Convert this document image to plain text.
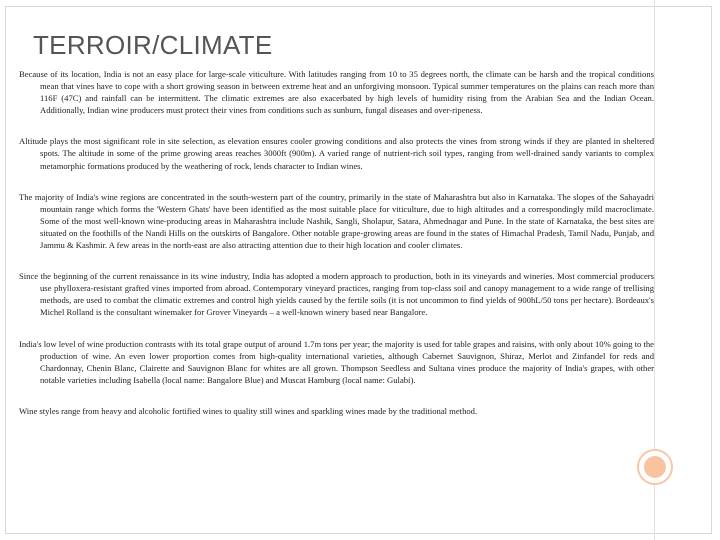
TERROIR/CLIMATE

Because of its location, India is not an easy place for large-scale viticulture. With latitudes ranging from 10 to 35 degrees north, the climate can be harsh and the tropical conditions mean that vines have to cope with a short growing season in between extreme heat and an unforgiving monsoon. Typical summer temperatures on the plains can reach more than 116F (47C) and rainfall can be intermittent. The climatic extremes are also exacerbated by high levels of humidity rising from the Arabian Sea and the Indian Ocean. Additionally, Indian wine producers must protect their vines from conditions such as sunburn, fungal diseases and over-ripeness.

Altitude plays the most significant role in site selection, as elevation ensures cooler growing conditions and also protects the vines from strong winds if they are planted in sheltered spots. The altitude in some of the prime growing areas reaches 3000ft (900m). A varied range of nutrient-rich soil types, ranging from well-drained sandy variants to complex metamorphic formations produced by the weathering of rock, lends character to Indian wines.

The majority of India's wine regions are concentrated in the south-western part of the country, primarily in the state of Maharashtra but also in Karnataka. The slopes of the Sahayadri mountain range which forms the 'Western Ghats' have been identified as the most suitable place for viticulture, due to high altitudes and a correspondingly mild macroclimate. Some of the most well-known wine-producing areas in Maharashtra include Nashik, Sangli, Sholapur, Satara, Ahmednagar and Pune. In the state of Karnataka, the best sites are situated on the foothills of the Nandi Hills on the outskirts of Bangalore. Other notable grape-growing areas are found in the states of Himachal Pradesh, Tamil Nadu, Punjab, and Jammu & Kashmir. A few areas in the north-east are also attracting attention due to their high location and cooler climates.

Since the beginning of the current renaissance in its wine industry, India has adopted a modern approach to production, both in its vineyards and wineries. Most commercial producers use phylloxera-resistant grafted vines imported from abroad. Contemporary vineyard practices, ranging from top-class soil and canopy management to a wide range of trellising methods, are used to combat the climatic extremes and control high yields caused by the fertile soils (it is not uncommon to find yields of 900hL/50 tons per hectare). Bordeaux's Michel Rolland is the consultant winemaker for Grover Vineyards – a well-known winery based near Bangalore.

India's low level of wine production contrasts with its total grape output of around 1.7m tons per year; the majority is used for table grapes and raisins, with only about 10% going to the production of wine. An even lower proportion comes from high-quality international varieties, although Cabernet Sauvignon, Shiraz, Merlot and Zinfandel for reds and Chardonnay, Chenin Blanc, Clairette and Sauvignon Blanc for whites are all grown. Thompson Seedless and Sultana vines produce the majority of India's grapes, with other notable varieties including Isabella (local name: Bangalore Blue) and Muscat Hamburg (local name: Gulabi).

Wine styles range from heavy and alcoholic fortified wines to quality still wines and sparkling wines made by the traditional method.
